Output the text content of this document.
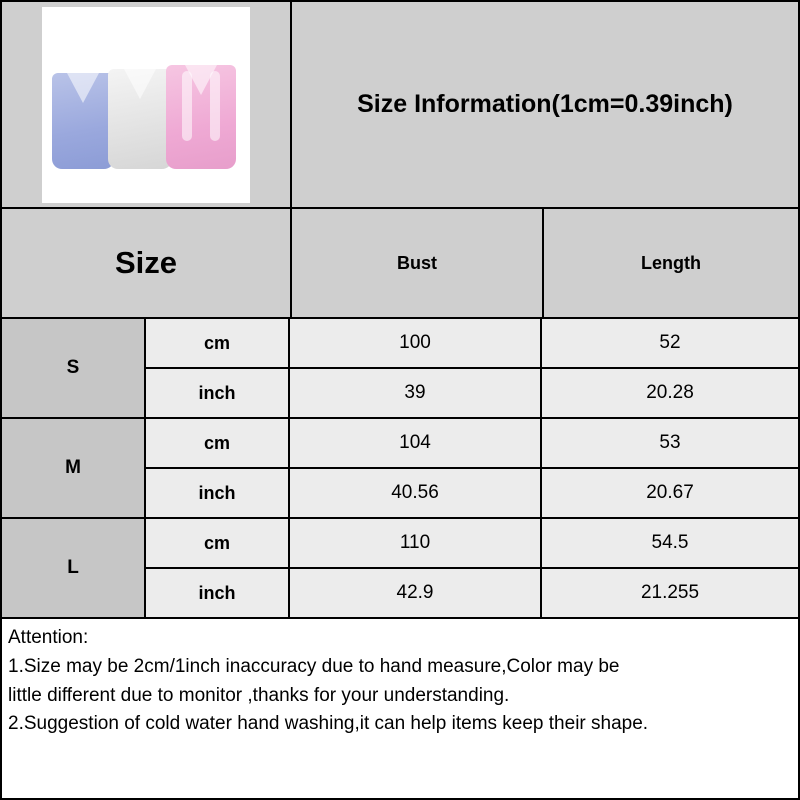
Size Information(1cm=0.39inch)
Size	Bust	Length
S
cm	100	52
inch	39	20.28
M
cm	104	53
inch	40.56	20.67
L
cm	110	54.5
inch	42.9	21.255

Attention:

1.Size may be 2cm/1inch inaccuracy due to hand measure,Color may be

little different due to monitor ,thanks for your understanding.

2.Suggestion of cold water hand washing,it can help items keep their shape.
